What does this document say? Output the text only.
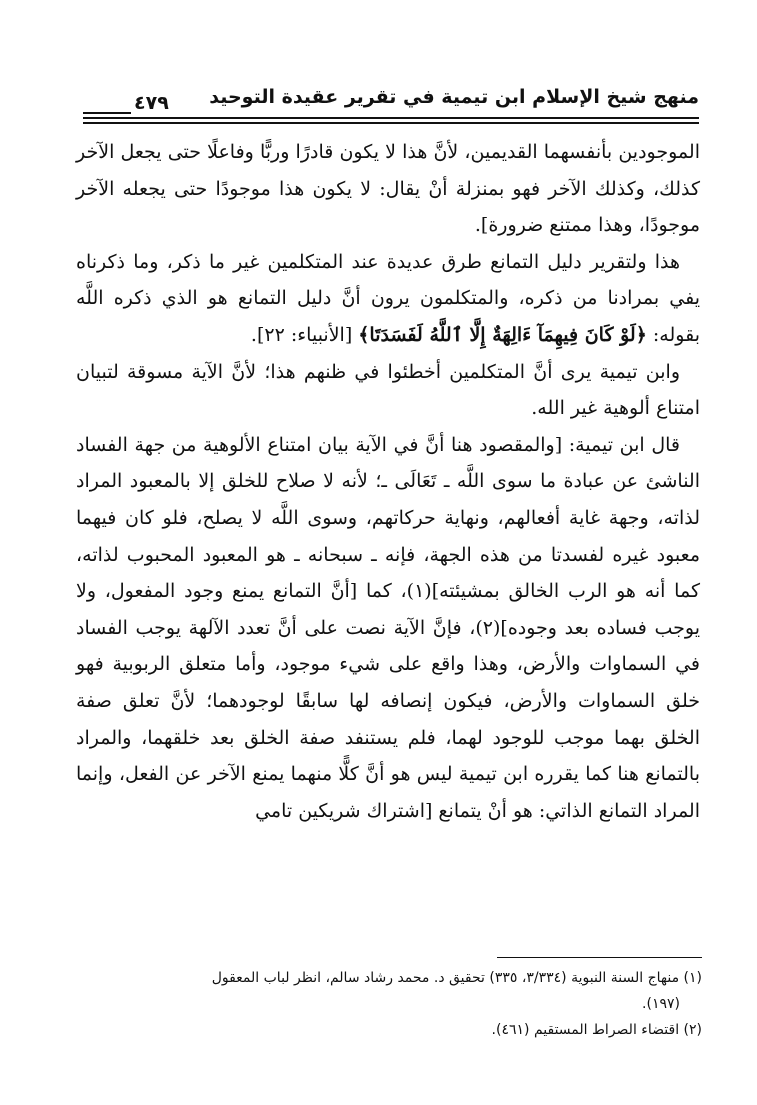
منهج شيخ الإسلام ابن تيمية في تقرير عقيدة التوحيد
٤٧٩

الموجودين بأنفسهما القديمين، لأنَّ هذا لا يكون قادرًا وربًّا وفاعلًا حتى يجعل الآخر كذلك، وكذلك الآخر فهو بمنزلة أنْ يقال: لا يكون هذا موجودًا حتى يجعله الآخر موجودًا، وهذا ممتنع ضرورة].

هذا ولتقرير دليل التمانع طرق عديدة عند المتكلمين غير ما ذكر، وما ذكرناه يفي بمرادنا من ذكره، والمتكلمون يرون أنَّ دليل التمانع هو الذي ذكره اللَّه بقوله: ﴿لَوْ كَانَ فِيهِمَآ ءَالِهَةٌ إِلَّا ٱللَّهُ لَفَسَدَتَا﴾ [الأنبياء: ٢٢].

وابن تيمية يرى أنَّ المتكلمين أخطئوا في ظنهم هذا؛ لأنَّ الآية مسوقة لتبيان امتناع ألوهية غير الله.

قال ابن تيمية: [والمقصود هنا أنَّ في الآية بيان امتناع الألوهية من جهة الفساد الناشئ عن عبادة ما سوى اللَّه ـ تَعَالَى ـ؛ لأنه لا صلاح للخلق إلا بالمعبود المراد لذاته، وجهة غاية أفعالهم، ونهاية حركاتهم، وسوى اللَّه لا يصلح، فلو كان فيهما معبود غيره لفسدتا من هذه الجهة، فإنه ـ سبحانه ـ هو المعبود المحبوب لذاته، كما أنه هو الرب الخالق بمشيئته](١)، كما [أنَّ التمانع يمنع وجود المفعول، ولا يوجب فساده بعد وجوده](٢)، فإنَّ الآية نصت على أنَّ تعدد الآلهة يوجب الفساد في السماوات والأرض، وهذا واقع على شيء موجود، وأما متعلق الربوبية فهو خلق السماوات والأرض، فيكون إنصافه لها سابقًا لوجودهما؛ لأنَّ تعلق صفة الخلق بهما موجب للوجود لهما، فلم يستنفد صفة الخلق بعد خلقهما، والمراد بالتمانع هنا كما يقرره ابن تيمية ليس هو أنَّ كلًّا منهما يمنع الآخر عن الفعل، وإنما المراد التمانع الذاتي: هو أنْ يتمانع [اشتراك شريكين تامي

(١) منهاج السنة النبوية (٣/٣٣٤، ٣٣٥) تحقيق د. محمد رشاد سالم، انظر لباب المعقول
(١٩٧).
(٢) اقتضاء الصراط المستقيم (٤٦١).
